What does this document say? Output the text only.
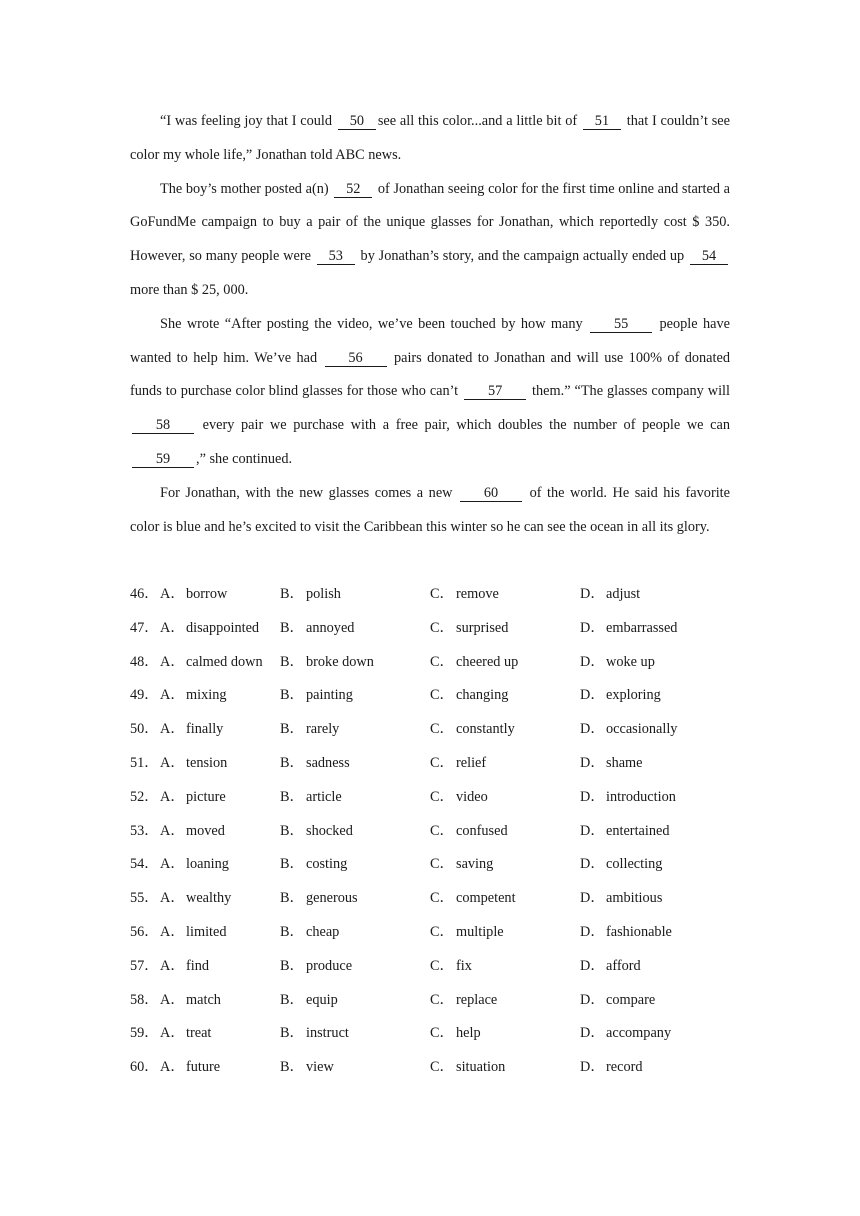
“I was feeling joy that I could 50 see all this color...and a little bit of 51 that I couldn’t see color my whole life,” Jonathan told ABC news.

The boy’s mother posted a(n) 52 of Jonathan seeing color for the first time online and started a GoFundMe campaign to buy a pair of the unique glasses for Jonathan, which reportedly cost $ 350. However, so many people were 53 by Jonathan’s story, and the campaign actually ended up 54 more than $ 25, 000.

She wrote “After posting the video, we’ve been touched by how many 55 people have wanted to help him. We’ve had 56 pairs donated to Jonathan and will use 100% of donated funds to purchase color blind glasses for those who can’t 57 them.” “The glasses company will 58 every pair we purchase with a free pair, which doubles the number of people we can 59 ,” she continued.

For Jonathan, with the new glasses comes a new 60 of the world. He said his favorite color is blue and he’s excited to visit the Caribbean this winter so he can see the ocean in all its glory.

46． A．borrow	B． polish	C． remove	D．adjust
47． A．disappointed B． annoyed	C． surprised	D．embarrassed
48． A．calmed down B． broke down	C． cheered up	D．woke up
49． A．mixing	B． painting	C． changing	D．exploring
50． A．finally	B． rarely	C． constantly	D．occasionally
51． A．tension	B． sadness	C． relief	D．shame
52． A．picture	B． article	C． video	D．introduction
53． A．moved	B． shocked	C． confused	D．entertained
54． A．loaning	B． costing	C． saving	D．collecting
55． A．wealthy	B． generous	C． competent	D．ambitious
56． A．limited	B． cheap	C． multiple	D．fashionable
57． A．find	B． produce	C． fix	D．afford
58． A．match	B． equip	C． replace	D．compare
59． A．treat	B． instruct	C． help	D．accompany
60． A．future	B． view	C． situation	D．record
